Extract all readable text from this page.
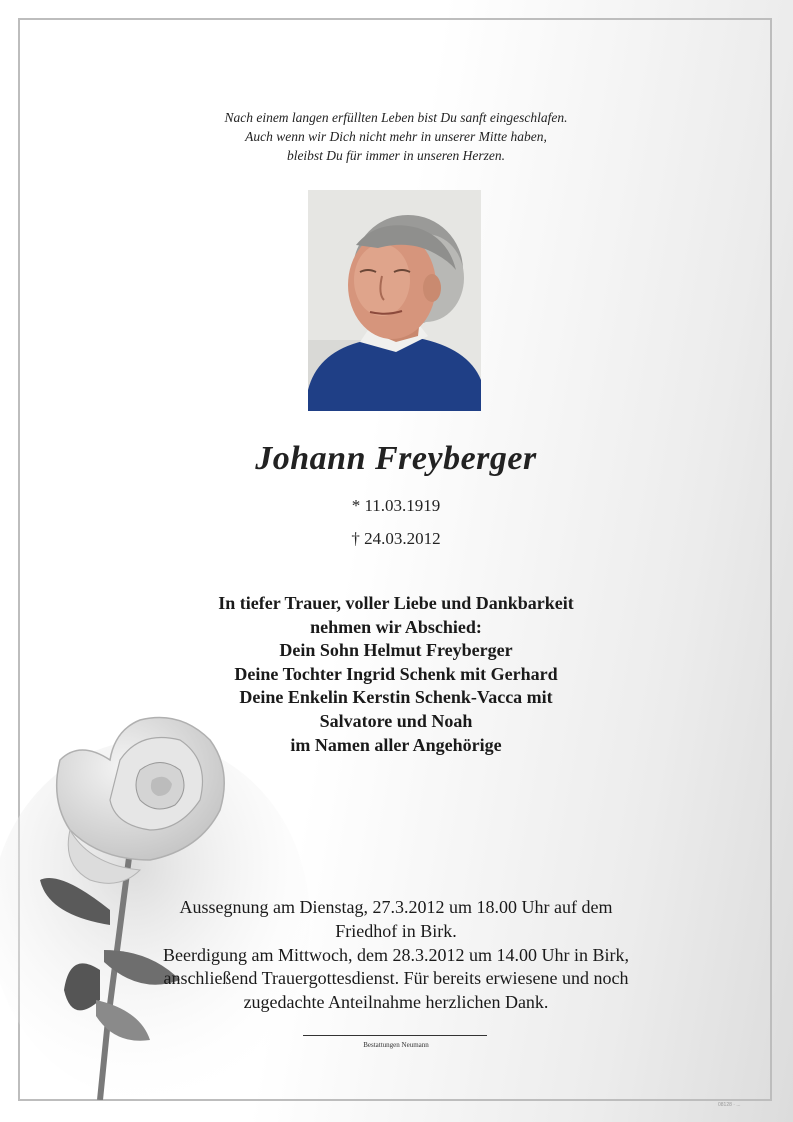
Nach einem langen erfüllten Leben bist Du sanft eingeschlafen.
Auch wenn wir Dich nicht mehr in unserer Mitte haben,
bleibst Du für immer in unseren Herzen.
Johann Freyberger
* 11.03.1919
† 24.03.2012
In tiefer Trauer, voller Liebe und Dankbarkeit
nehmen wir Abschied:
Dein Sohn Helmut Freyberger
Deine Tochter Ingrid Schenk mit Gerhard
Deine Enkelin Kerstin Schenk-Vacca mit
Salvatore und Noah
im Namen aller Angehörige
Aussegnung am Dienstag, 27.3.2012 um 18.00 Uhr auf dem
Friedhof in Birk.
Beerdigung am Mittwoch, dem 28.3.2012 um 14.00 Uhr in Birk,
anschließend Trauergottesdienst. Für bereits erwiesene und noch
zugedachte Anteilnahme herzlichen Dank.
Bestattungen Neumann
08128 · ...
